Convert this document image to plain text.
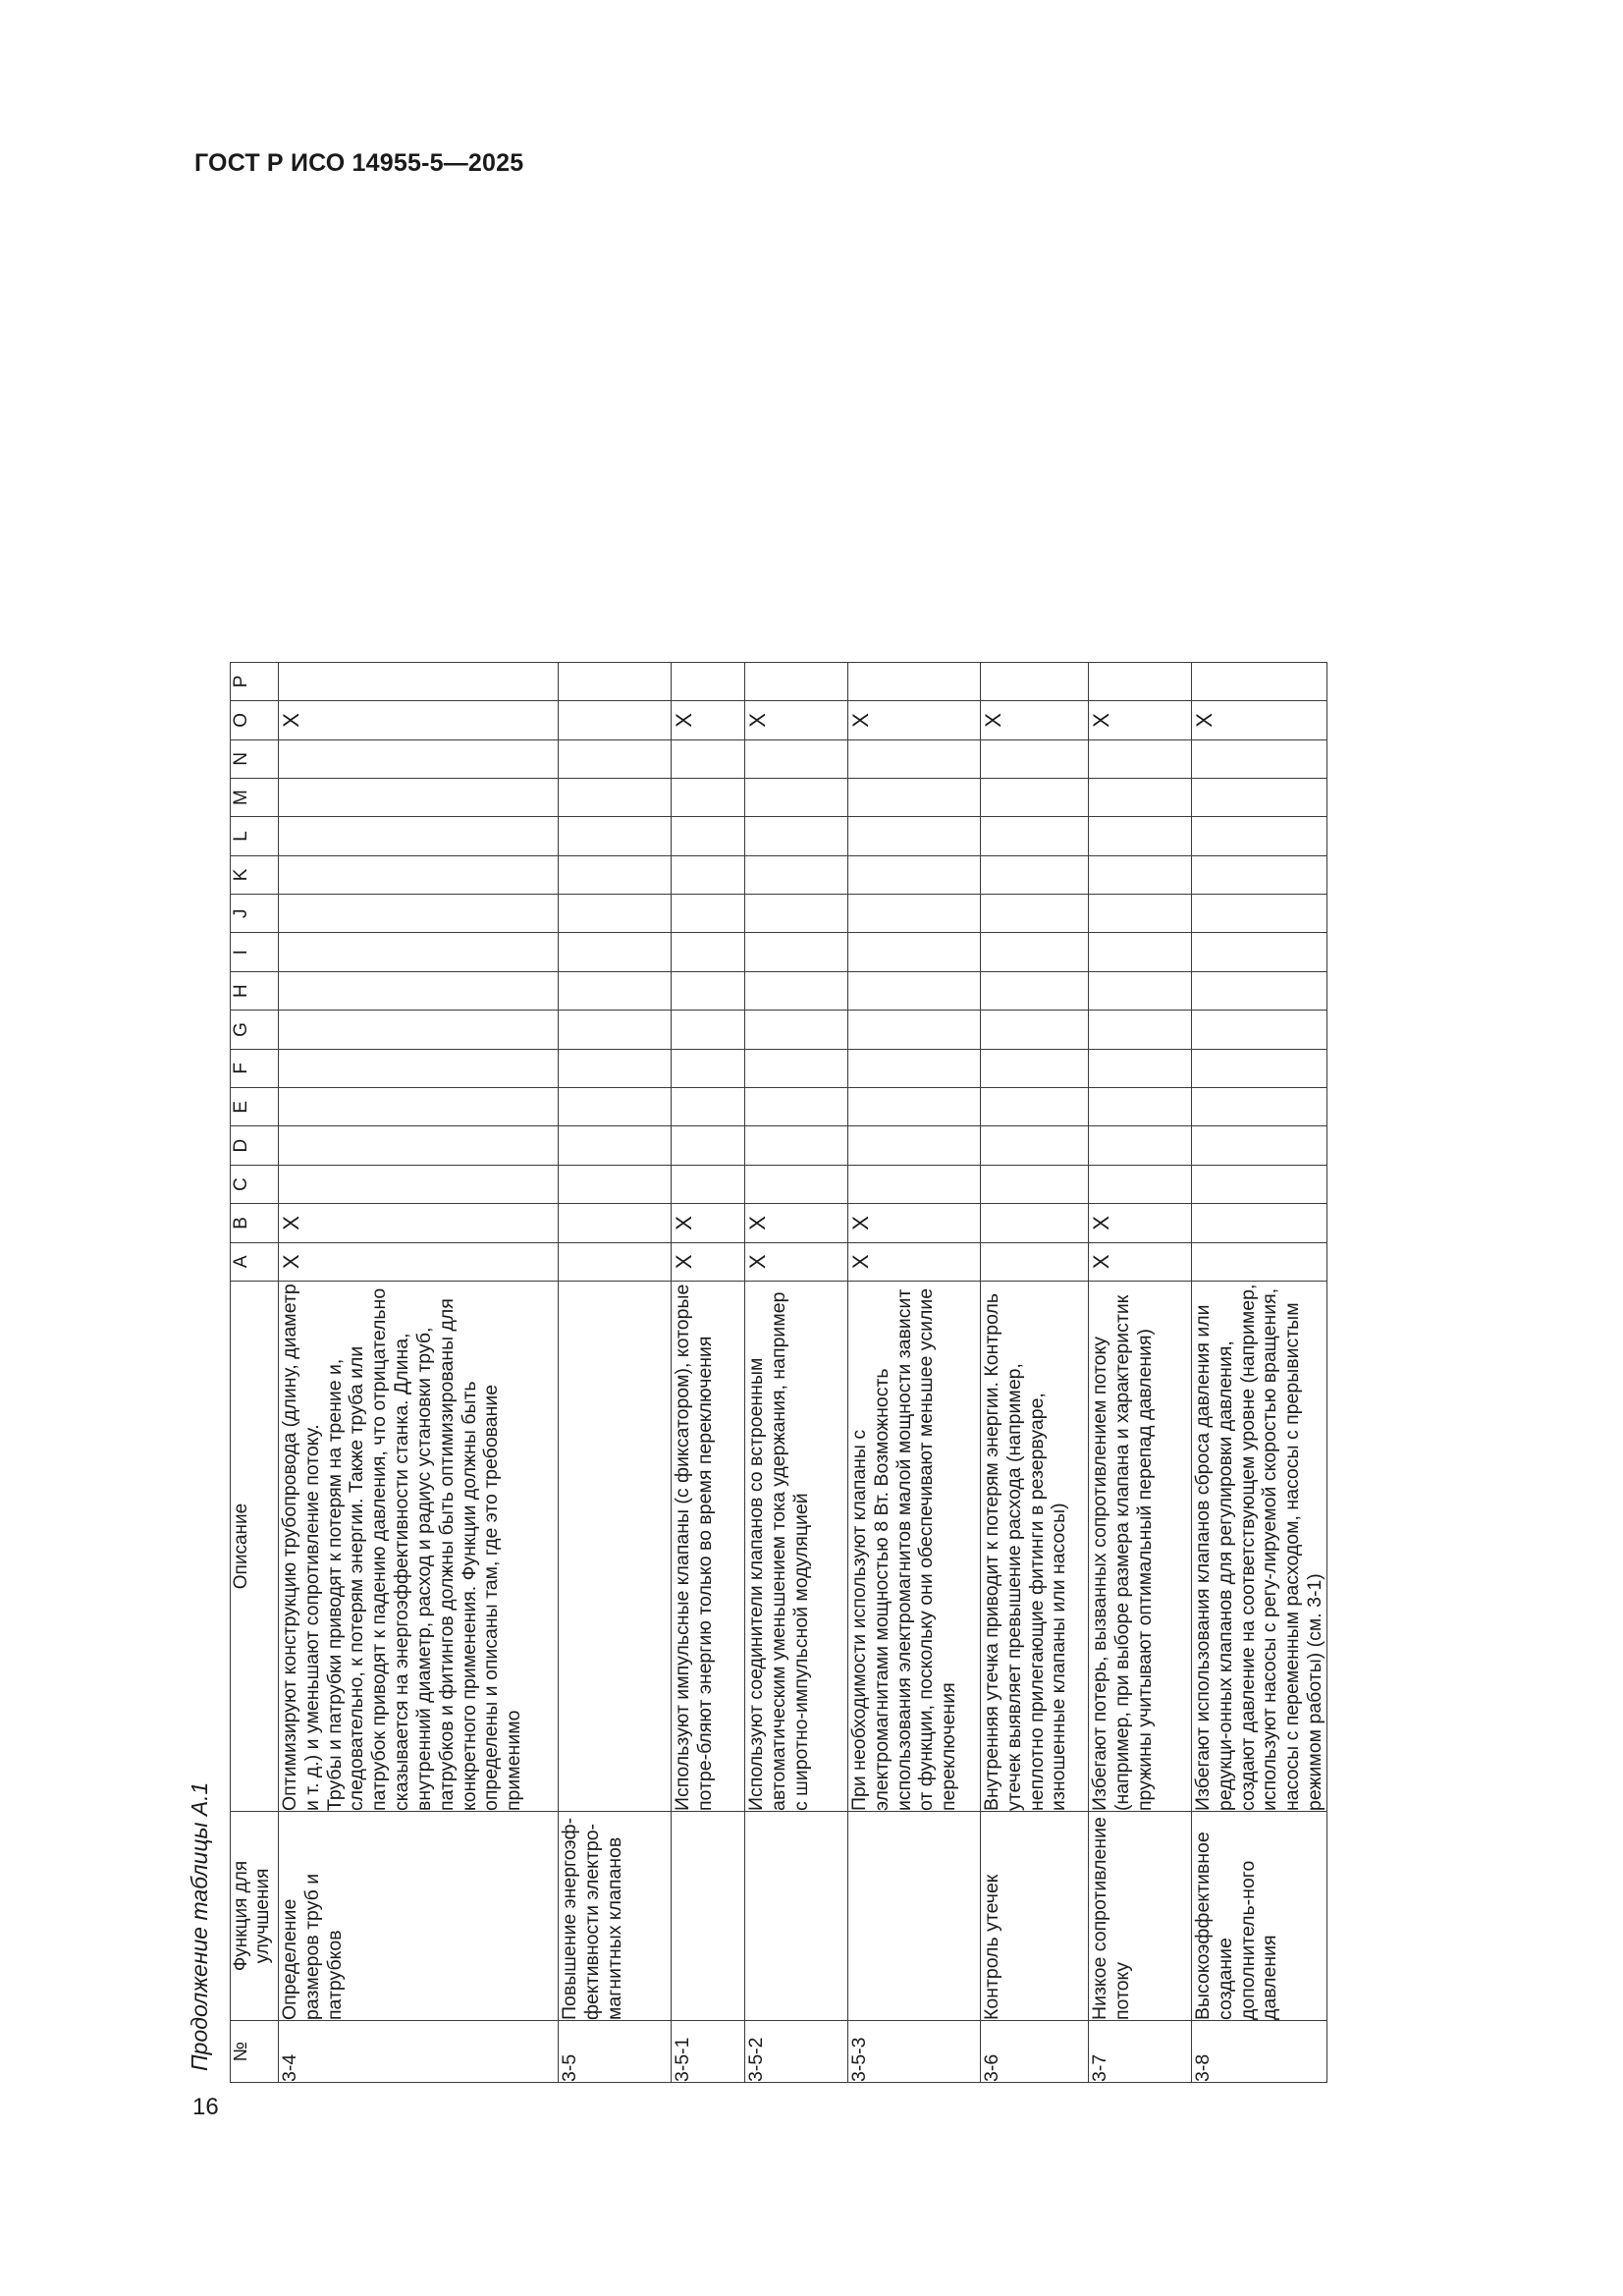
ГОСТ Р ИСО 14955-5—2025
Продолжение таблицы А.1 №	Функция для улучшения	Описание	A	B	C	D	E	F	G	H	I	J	K	L	M	N	O	P
3-4	Определение размеров труб и патрубков	Оптимизируют конструкцию трубопровода (длину, диаметр и т. д.) и уменьшают сопротивление потоку. Трубы и патрубки приводят к потерям на трение и, следовательно, к потерям энергии. Также труба или патрубок приводят к падению давления, что отрицательно сказывается на энергоэффективности станка. Длина, внутренний диаметр, расход и радиус установки труб, патрубков и фитингов должны быть оптимизированы для конкретного применения. Функции должны быть определены и описаны там, где это требование применимо	X	X													X	
3-5	Повышение энергоэф-фективности электро-магнитных клапанов	

3-5-1		Используют импульсные клапаны (с фиксатором), которые потре-бляют энергию только во время переключения	X	X													X	
3-5-2		Используют соединители клапанов со встроенным автоматическим уменьшением тока удержания, например с широтно-импульсной модуляцией	X	X													X	
3-5-3		При необходимости используют клапаны с электромагнитами мощностью 8 Вт. Возможность использования электромагнитов малой мощности зависит от функции, поскольку они обеспечивают меньшее усилие переключения	X	X													X	
3-6	Контроль утечек	Внутренняя утечка приводит к потерям энергии. Контроль утечек выявляет превышение расхода (например, неплотно прилегающие фитинги в резервуаре, изношенные клапаны или насосы)															X	
3-7	Низкое сопротивление потоку	Избегают потерь, вызванных сопротивлением потоку (например, при выборе размера клапана и характеристик пружины учитывают оптимальный перепад давления)	X	X													X	
3-8	Высокоэффективное создание дополнитель-ного давления	Избегают использования клапанов сброса давления или редукци-онных клапанов для регулировки давления, создают давление на соответствующем уровне (например, используют насосы с регу-лируемой скоростью вращения, насосы с переменным расходом, насосы с прерывистым режимом работы) (см. 3-1)															X	
16
